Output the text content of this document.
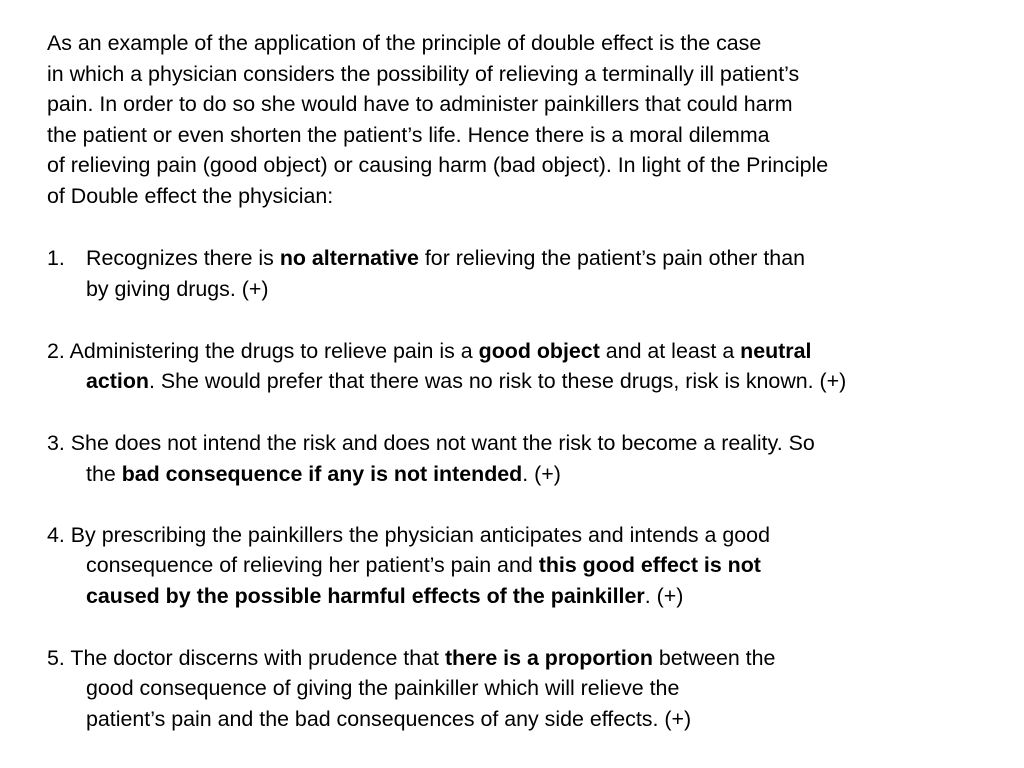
As an example of the application of the principle of double effect is the case
in which a physician considers the possibility of relieving a terminally ill patient’s
pain. In order to do so she would have to administer painkillers that could harm
the patient or even shorten the patient’s life. Hence there is a moral dilemma
of relieving pain (good object) or causing harm (bad object). In light of the Principle
of Double effect the physician:
1. Recognizes there is no alternative for relieving the patient’s pain other than
by giving drugs. (+)
2. Administering the drugs to relieve pain is a good object and at least a neutral
action. She would prefer that there was no risk to these drugs, risk is known. (+)
3. She does not intend the risk and does not want the risk to become a reality. So
the bad consequence if any is not intended. (+)
4. By prescribing the painkillers the physician anticipates and intends a good
consequence of relieving her patient’s pain and this good effect is not
caused by the possible harmful effects of the painkiller. (+)
5. The doctor discerns with prudence that there is a proportion between the
good consequence of giving the painkiller which will relieve the
patient’s pain and the bad consequences of any side effects. (+)
